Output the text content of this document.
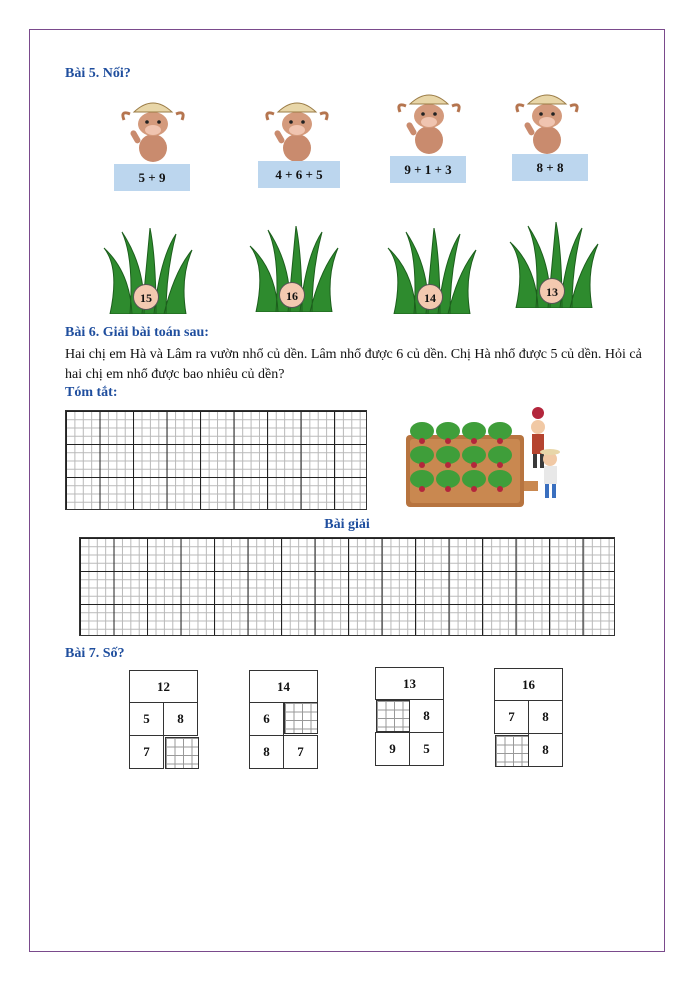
Bài 5. Nối?
5 + 9	4 + 6 + 5	9 + 1 + 3	8 + 8
15	16	14	13
Bài 6. Giải bài toán sau:
Hai chị em Hà và Lâm ra vườn nhổ củ dền. Lâm nhổ được 6 củ dền. Chị Hà nhổ được 5 củ dền. Hỏi cả hai chị em nhổ được bao nhiêu củ dền?
Tóm tắt:
Bài giải
Bài 7. Số?
12
5	8
7
14
6
8	7
13
8
9	5
16
7	8
8
